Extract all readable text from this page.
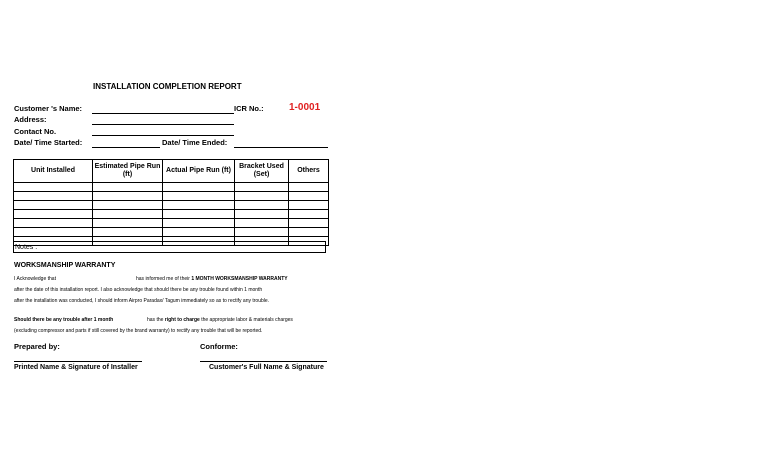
INSTALLATION COMPLETION REPORT
Customer 's Name:	ICR No.:	1-0001
Address:
Contact No.
Date/ Time Started:	Date/ Time Ended:
Unit Installed	Estimated Pipe Run (ft)	Actual Pipe Run (ft)	Bracket Used (Set)	Others

Notes :
WORKSMANSHIP WARRANTY
I Acknowledge that	has informed me of their 1 MONTH WORKSMANSHIP WARRANTY
after the date of this installation report. I also acknowledge that should there be any trouble found within 1 month
after the installation was conducted, I should inform Airpro Paradax/ Tagum immediately so as to rectify any trouble.
Should there be any trouble after 1 month	has the right to charge the appropriate labor & materials charges
(excluding compressor and parts if still covered by the brand warranty) to rectify any trouble that will be reported.
Prepared by:	Conforme:
Printed Name & Signature of Installer	Customer's Full Name & Signature
